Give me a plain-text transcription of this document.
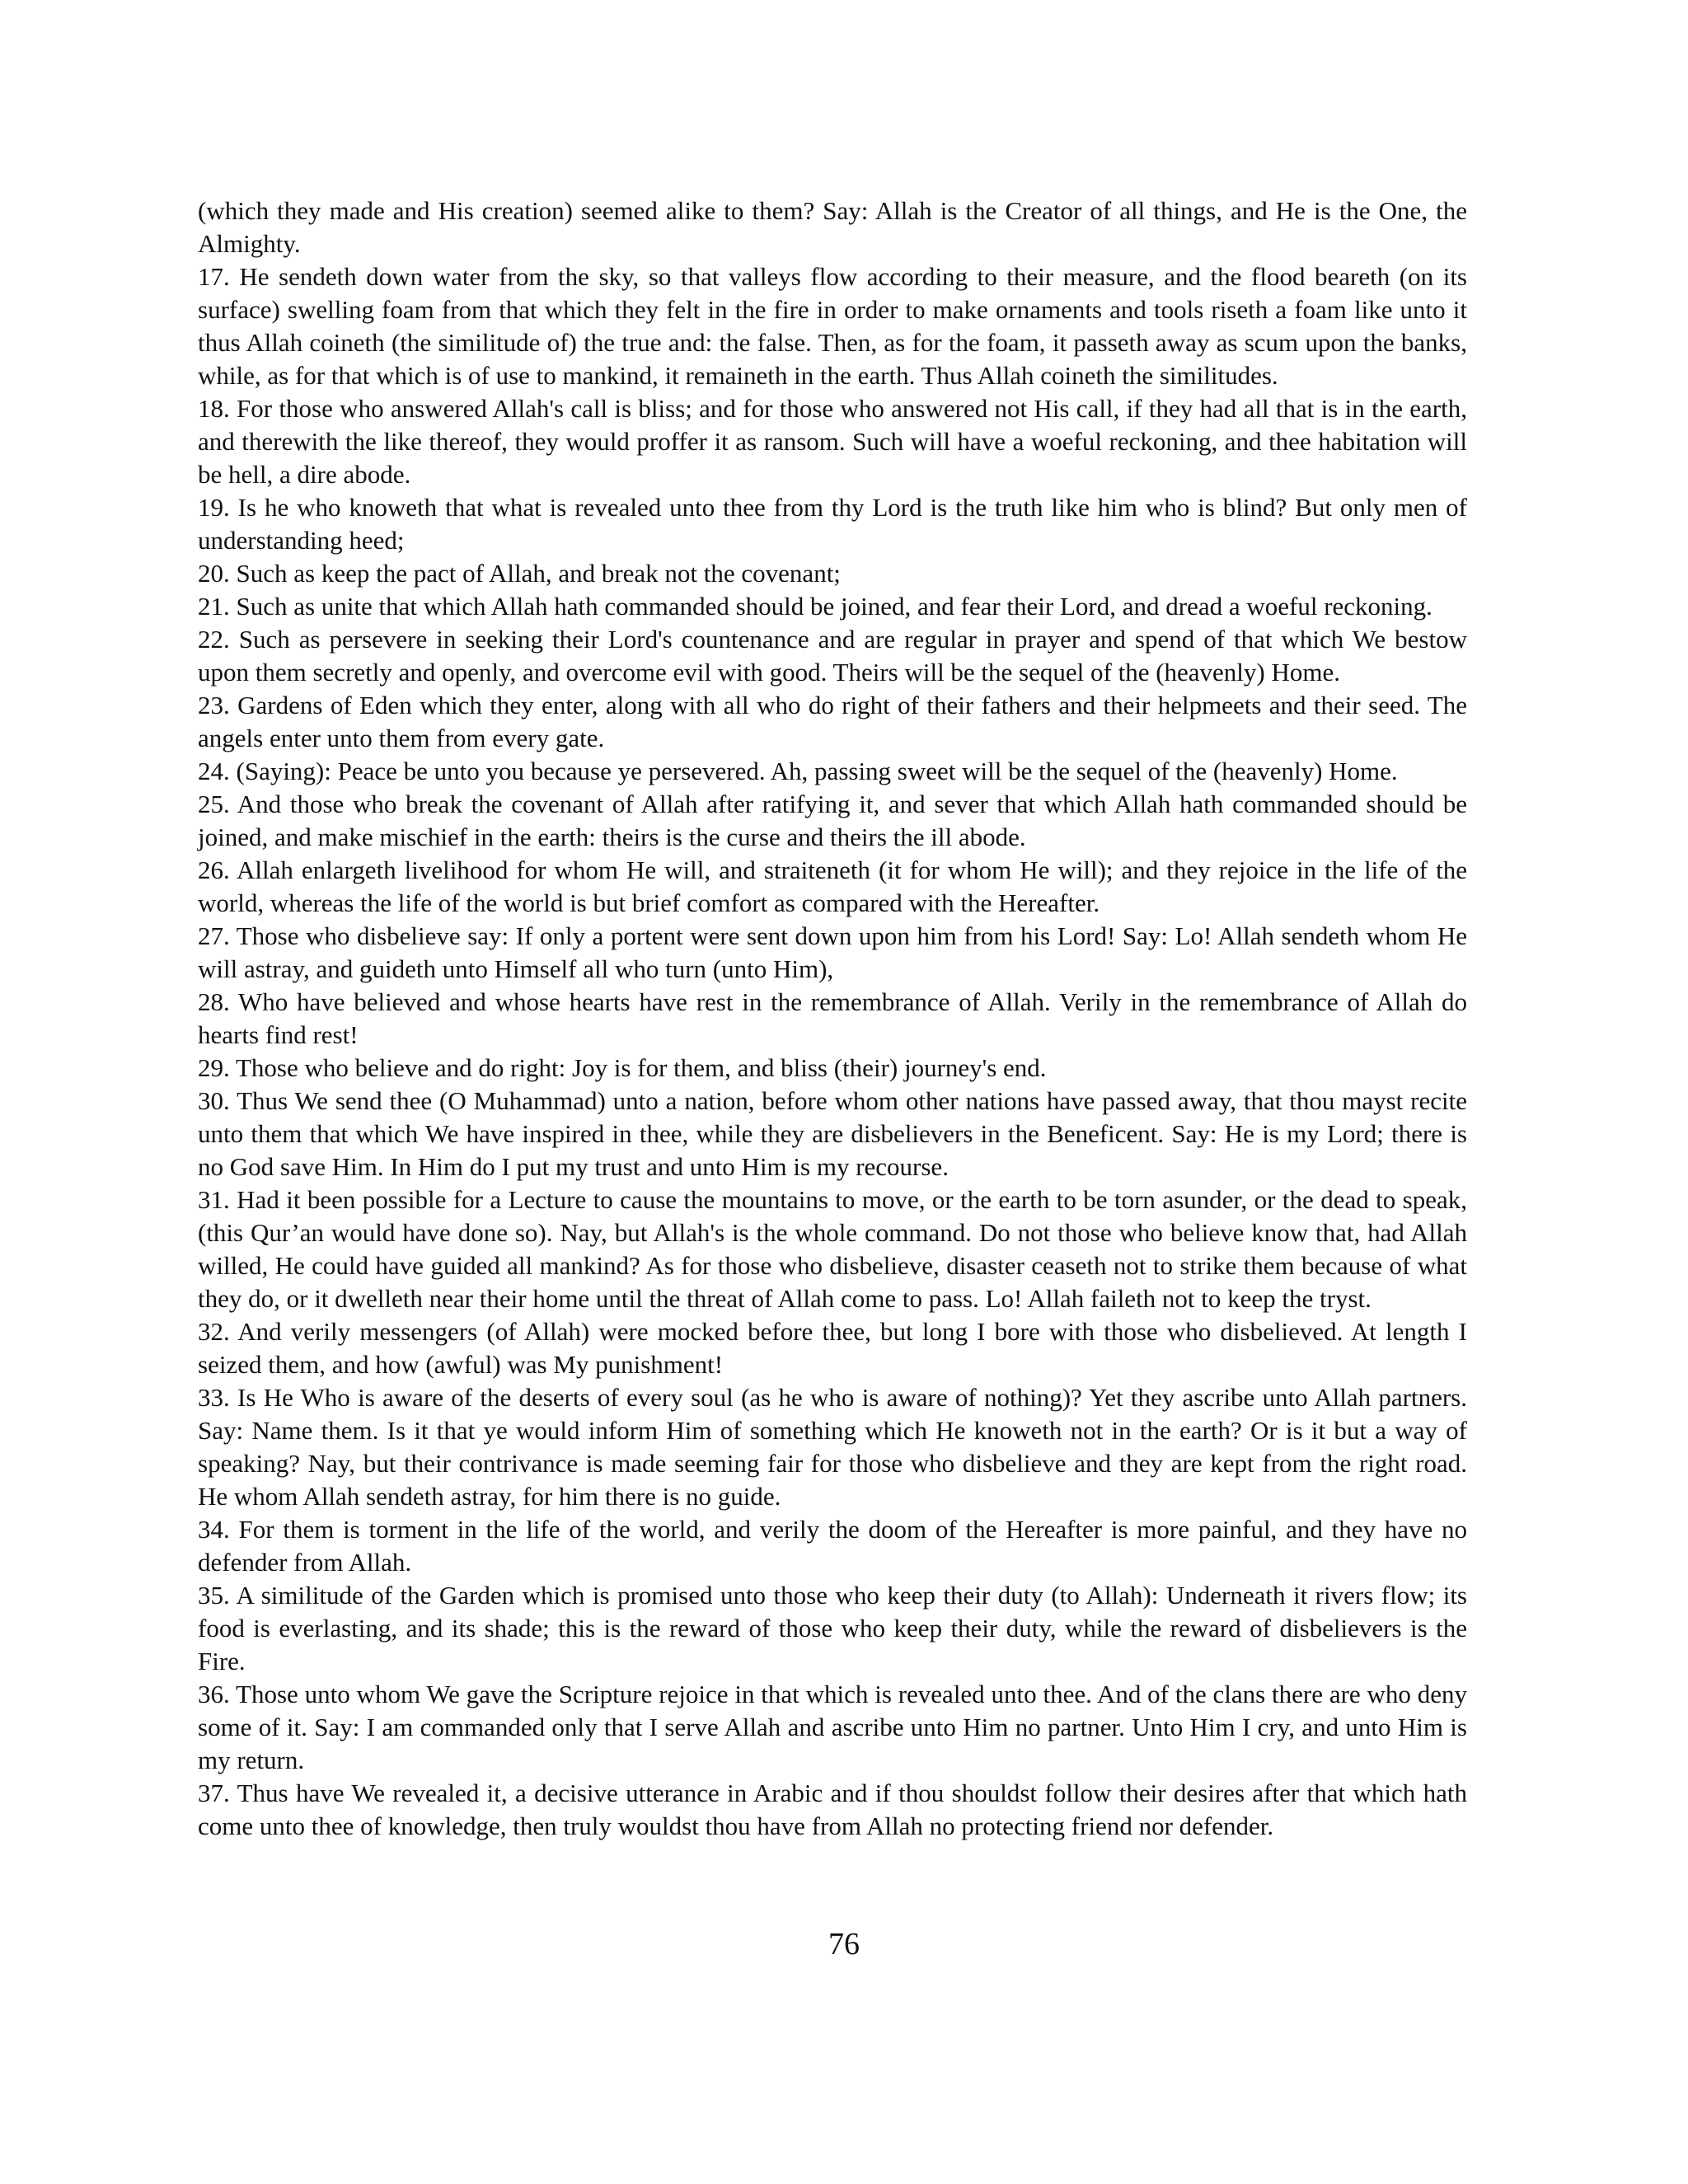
(which they made and His creation) seemed alike to them? Say: Allah is the Creator of all things, and He is the One, the Almighty.

17. He sendeth down water from the sky, so that valleys flow according to their measure, and the flood beareth (on its surface) swelling foam from that which they felt in the fire in order to make ornaments and tools riseth a foam like unto it thus Allah coineth (the similitude of) the true and: the false. Then, as for the foam, it passeth away as scum upon the banks, while, as for that which is of use to mankind, it remaineth in the earth. Thus Allah coineth the similitudes.

18. For those who answered Allah's call is bliss; and for those who answered not His call, if they had all that is in the earth, and therewith the like thereof, they would proffer it as ransom. Such will have a woeful reckoning, and thee habitation will be hell, a dire abode.

19. Is he who knoweth that what is revealed unto thee from thy Lord is the truth like him who is blind? But only men of understanding heed;

20. Such as keep the pact of Allah, and break not the covenant;

21. Such as unite that which Allah hath commanded should be joined, and fear their Lord, and dread a woeful reckoning.

22. Such as persevere in seeking their Lord's countenance and are regular in prayer and spend of that which We bestow upon them secretly and openly, and overcome evil with good. Theirs will be the sequel of the (heavenly) Home.

23. Gardens of Eden which they enter, along with all who do right of their fathers and their helpmeets and their seed. The angels enter unto them from every gate.

24. (Saying): Peace be unto you because ye persevered. Ah, passing sweet will be the sequel of the (heavenly) Home.

25. And those who break the covenant of Allah after ratifying it, and sever that which Allah hath commanded should be joined, and make mischief in the earth: theirs is the curse and theirs the ill abode.

26. Allah enlargeth livelihood for whom He will, and straiteneth (it for whom He will); and they rejoice in the life of the world, whereas the life of the world is but brief comfort as compared with the Hereafter.

27. Those who disbelieve say: If only a portent were sent down upon him from his Lord! Say: Lo! Allah sendeth whom He will astray, and guideth unto Himself all who turn (unto Him),

28. Who have believed and whose hearts have rest in the remembrance of Allah. Verily in the remembrance of Allah do hearts find rest!

29. Those who believe and do right: Joy is for them, and bliss (their) journey's end.

30. Thus We send thee (O Muhammad) unto a nation, before whom other nations have passed away, that thou mayst recite unto them that which We have inspired in thee, while they are disbelievers in the Beneficent. Say: He is my Lord; there is no God save Him. In Him do I put my trust and unto Him is my recourse.

31. Had it been possible for a Lecture to cause the mountains to move, or the earth to be torn asunder, or the dead to speak, (this Qur’an would have done so). Nay, but Allah's is the whole command. Do not those who believe know that, had Allah willed, He could have guided all mankind? As for those who disbelieve, disaster ceaseth not to strike them because of what they do, or it dwelleth near their home until the threat of Allah come to pass. Lo! Allah faileth not to keep the tryst.

32. And verily messengers (of Allah) were mocked before thee, but long I bore with those who disbelieved. At length I seized them, and how (awful) was My punishment!

33. Is He Who is aware of the deserts of every soul (as he who is aware of nothing)? Yet they ascribe unto Allah partners. Say: Name them. Is it that ye would inform Him of something which He knoweth not in the earth? Or is it but a way of speaking? Nay, but their contrivance is made seeming fair for those who disbelieve and they are kept from the right road. He whom Allah sendeth astray, for him there is no guide.

34. For them is torment in the life of the world, and verily the doom of the Hereafter is more painful, and they have no defender from Allah.

35. A similitude of the Garden which is promised unto those who keep their duty (to Allah): Underneath it rivers flow; its food is everlasting, and its shade; this is the reward of those who keep their duty, while the reward of disbelievers is the Fire.

36. Those unto whom We gave the Scripture rejoice in that which is revealed unto thee. And of the clans there are who deny some of it. Say: I am commanded only that I serve Allah and ascribe unto Him no partner. Unto Him I cry, and unto Him is my return.

37. Thus have We revealed it, a decisive utterance in Arabic and if thou shouldst follow their desires after that which hath come unto thee of knowledge, then truly wouldst thou have from Allah no protecting friend nor defender.

76
